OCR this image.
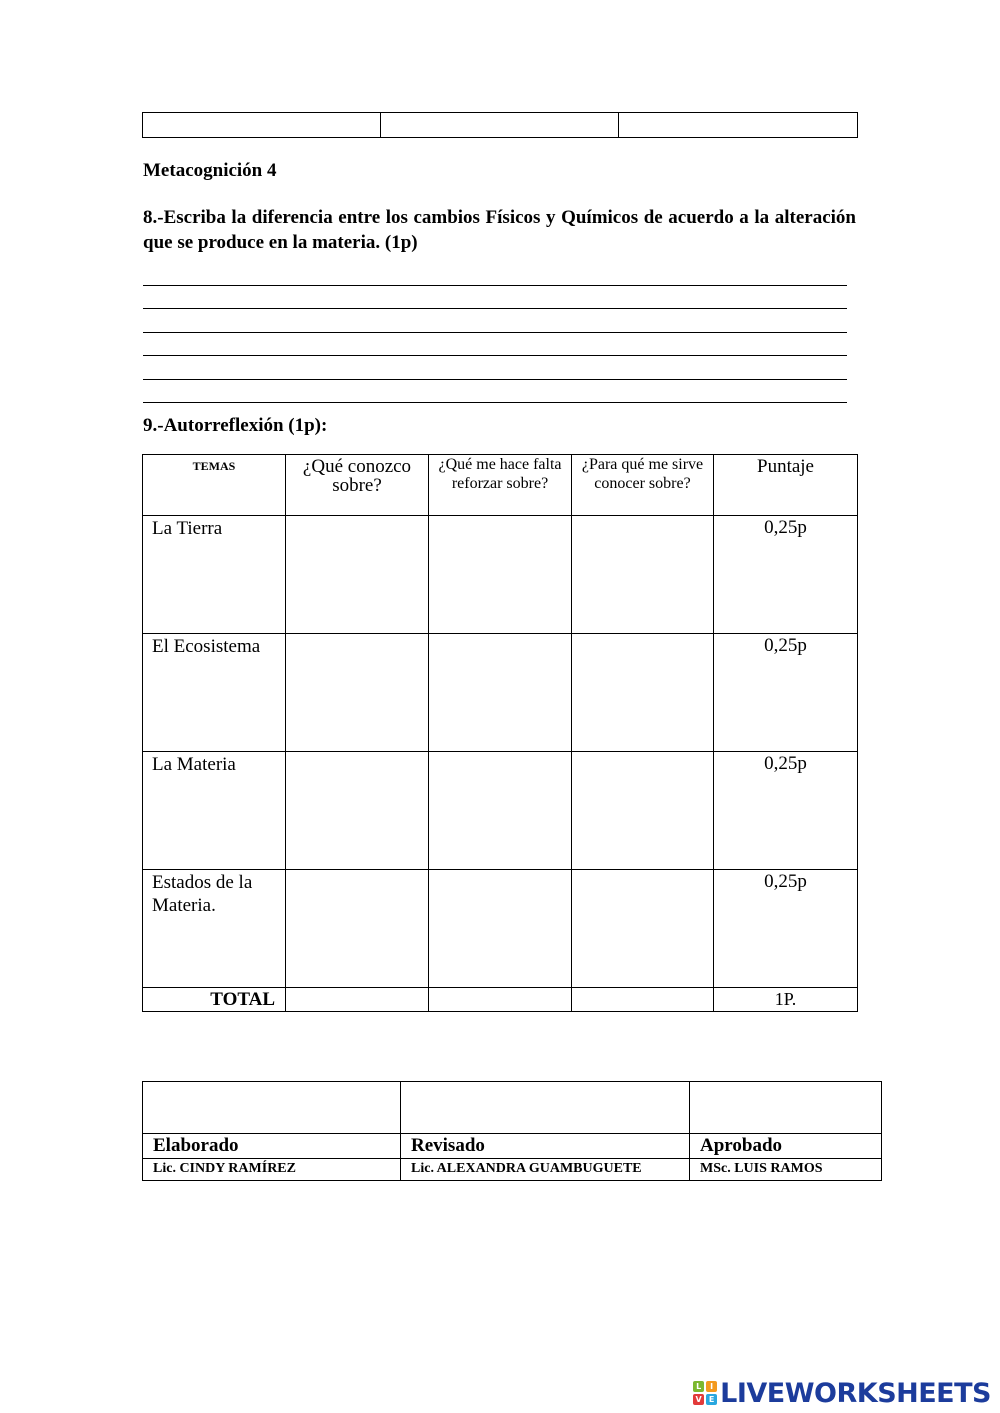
Metacognición 4
8.-Escriba la diferencia entre los cambios Físicos y Químicos de acuerdo a la alteración que se produce en la materia. (1p)
9.-Autorreflexión (1p):
TEMAS	¿Qué conozco sobre?	¿Qué me hace falta reforzar sobre?	¿Para qué me sirve conocer sobre?	Puntaje
La Tierra				0,25p
El Ecosistema				0,25p
La Materia				0,25p
Estados de la Materia.				0,25p
TOTAL				1P.

Elaborado	Revisado	Aprobado
Lic. CINDY RAMÍREZ	Lic. ALEXANDRA GUAMBUGUETE	MSc. LUIS RAMOS
L	I
V E LIVEWORKSHEETS
